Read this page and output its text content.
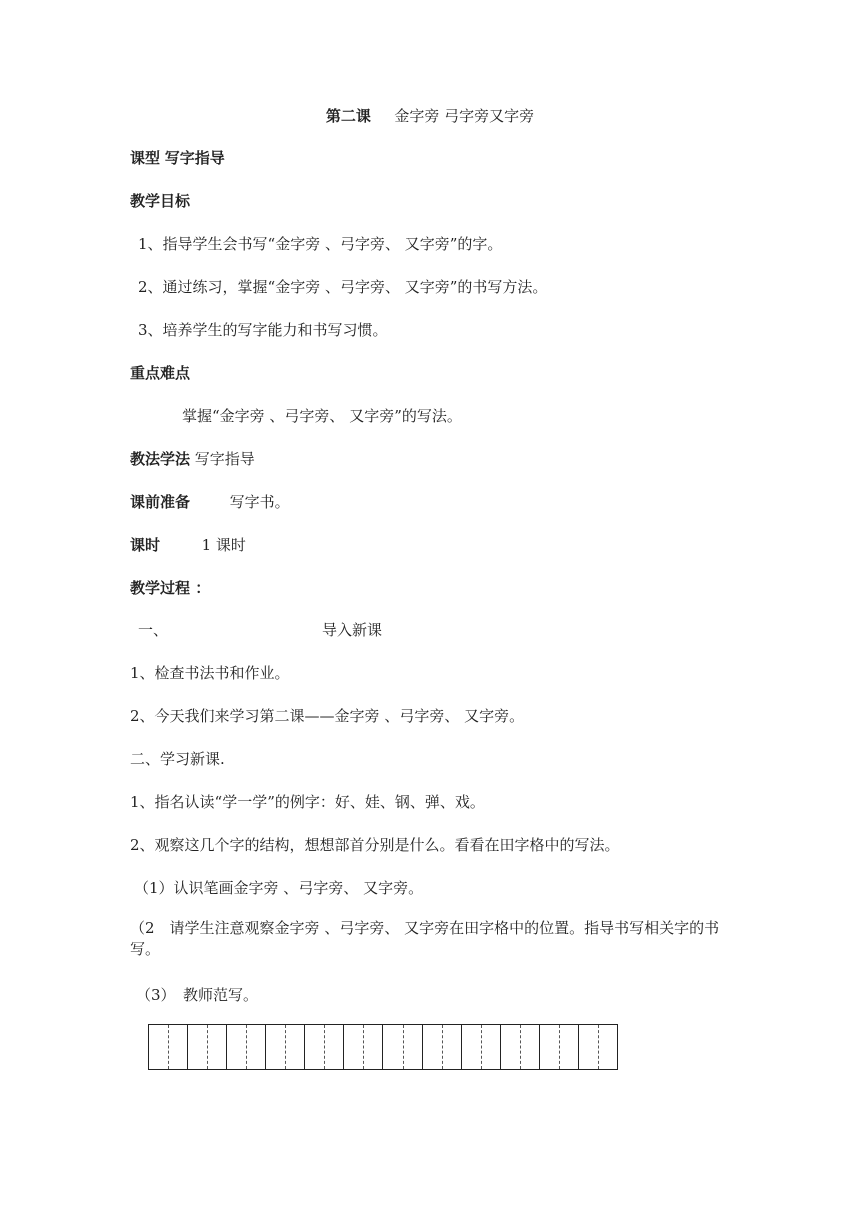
第二课 金字旁 弓字旁又字旁
课型 写字指导
教学目标
1、指导学生会书写“金字旁 、弓字旁、 又字旁”的字。
2、通过练习，掌握“金字旁 、弓字旁、 又字旁”的书写方法。
3、培养学生的写字能力和书写习惯。
重点难点
掌握“金字旁 、弓字旁、 又字旁”的写法。
教法学法 写字指导
课前准备	写字书。
课时	1 课时
教学过程 ：
一、	导入新课
1、检查书法书和作业。
2、今天我们来学习第二课——金字旁 、弓字旁、 又字旁。
二、学习新课.
1、指名认读“学一学”的例字：好、娃、钢、弹、戏。
2、观察这几个字的结构，想想部首分别是什么。看看在田字格中的写法。
（1）认识笔画金字旁 、弓字旁、 又字旁。
（2　请学生注意观察金字旁 、弓字旁、 又字旁在田字格中的位置。指导书写相关字的书写。
（3）　教师范写。
